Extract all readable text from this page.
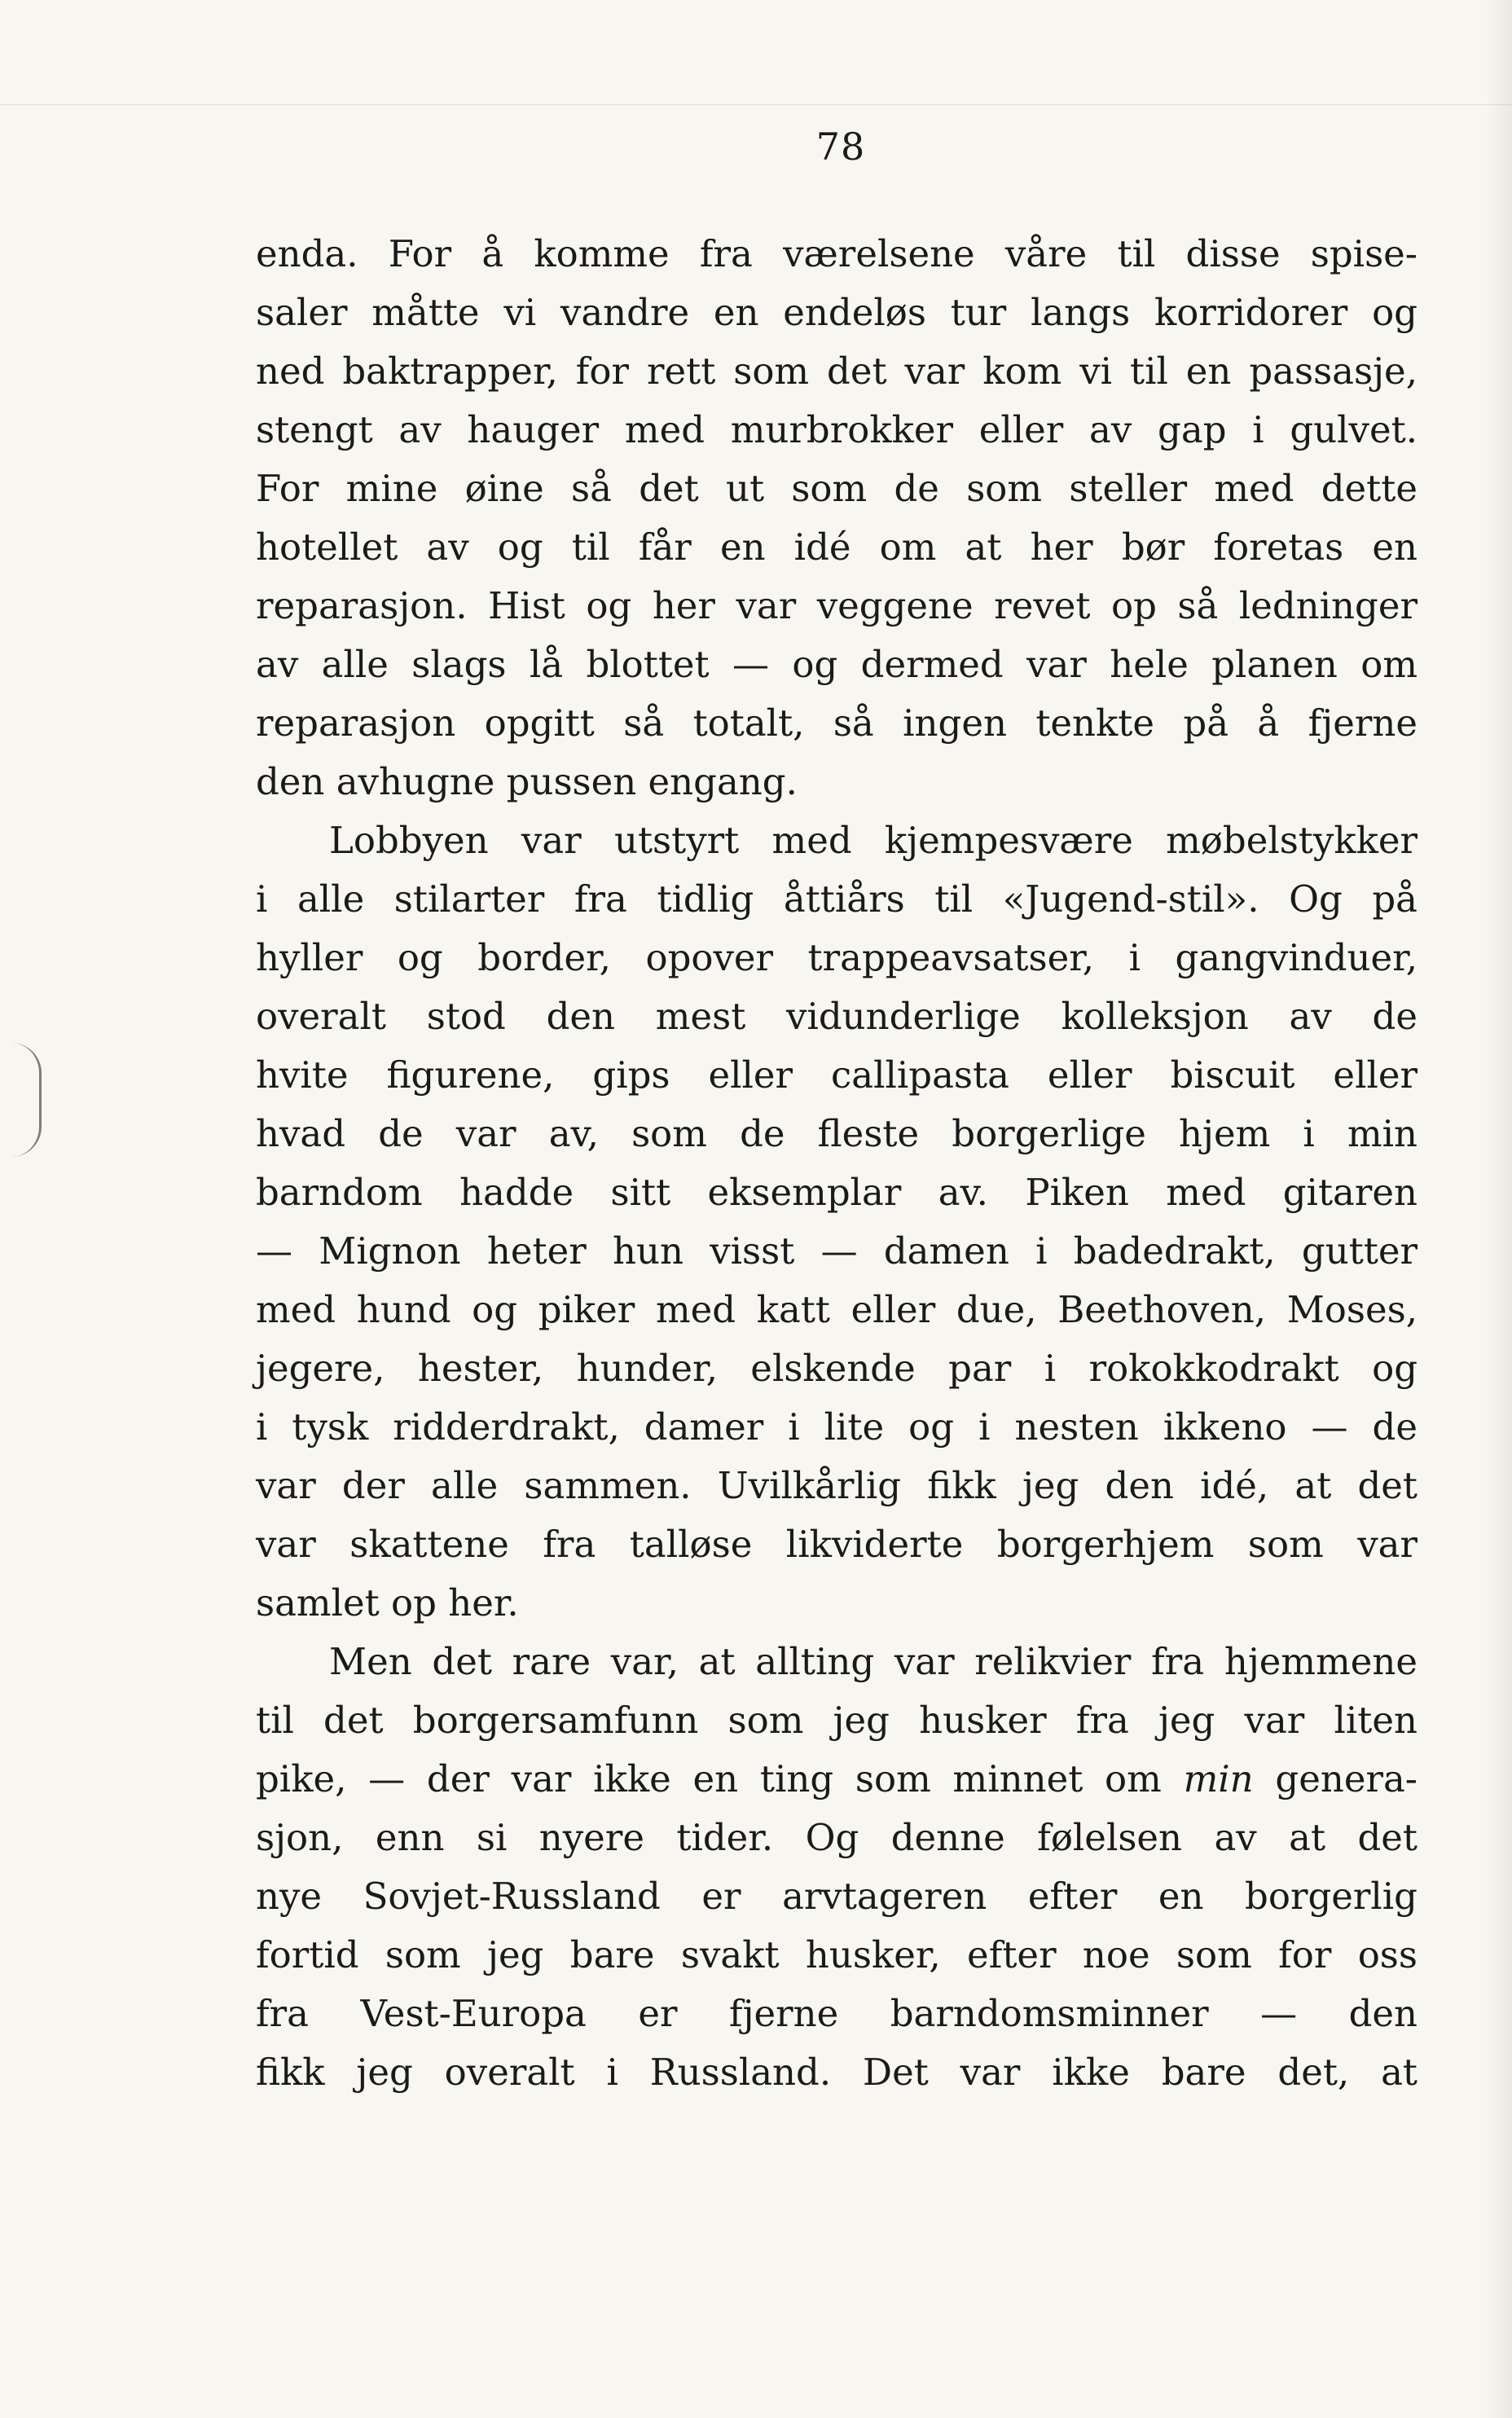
78
enda. For å komme fra værelsene våre til disse spise-
saler måtte vi vandre en endeløs tur langs korridorer og
ned baktrapper, for rett som det var kom vi til en passasje,
stengt av hauger med murbrokker eller av gap i gulvet.
For mine øine så det ut som de som steller med dette
hotellet av og til får en idé om at her bør foretas en
reparasjon. Hist og her var veggene revet op så ledninger
av alle slags lå blottet — og dermed var hele planen om
reparasjon opgitt så totalt, så ingen tenkte på å fjerne
den avhugne pussen engang.
Lobbyen var utstyrt med kjempesvære møbelstykker
i alle stilarter fra tidlig åttiårs til «Jugend-stil». Og på
hyller og border, opover trappeavsatser, i gangvinduer,
overalt stod den mest vidunderlige kolleksjon av de
hvite figurene, gips eller callipasta eller biscuit eller
hvad de var av, som de fleste borgerlige hjem i min
barndom hadde sitt eksemplar av. Piken med gitaren
— Mignon heter hun visst — damen i badedrakt, gutter
med hund og piker med katt eller due, Beethoven, Moses,
jegere, hester, hunder, elskende par i rokokkodrakt og
i tysk ridderdrakt, damer i lite og i nesten ikkeno — de
var der alle sammen. Uvilkårlig fikk jeg den idé, at det
var skattene fra talløse likviderte borgerhjem som var
samlet op her.
Men det rare var, at allting var relikvier fra hjemmene
til det borgersamfunn som jeg husker fra jeg var liten
pike, — der var ikke en ting som minnet om min genera-
sjon, enn si nyere tider. Og denne følelsen av at det
nye Sovjet-Russland er arvtageren efter en borgerlig
fortid som jeg bare svakt husker, efter noe som for oss
fra Vest-Europa er fjerne barndomsminner — den
fikk jeg overalt i Russland. Det var ikke bare det, at
